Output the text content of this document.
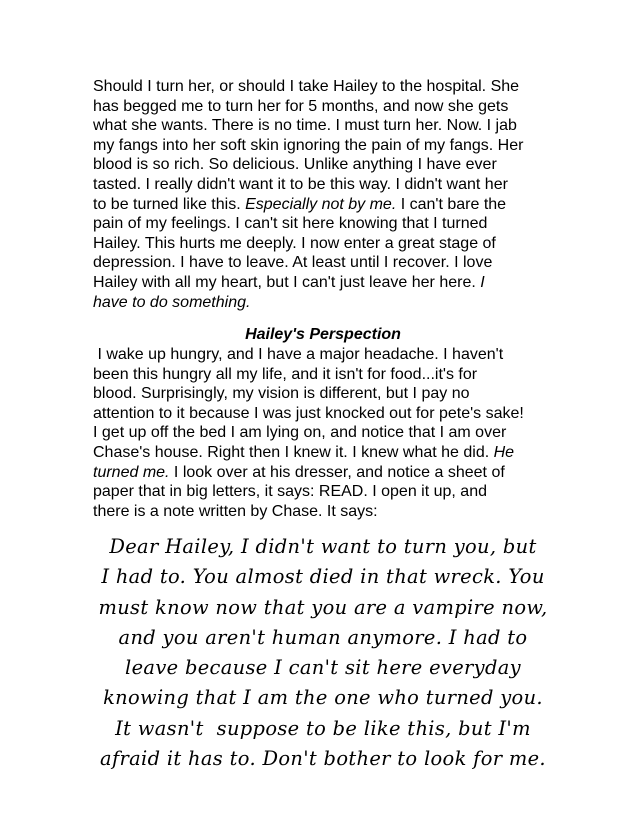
Should I turn her, or should I take Hailey to the hospital. She
has begged me to turn her for 5 months, and now she gets
what she wants. There is no time. I must turn her. Now. I jab
my fangs into her soft skin ignoring the pain of my fangs. Her
blood is so rich. So delicious. Unlike anything I have ever
tasted. I really didn't want it to be this way. I didn't want her
to be turned like this. Especially not by me. I can't bare the
pain of my feelings. I can't sit here knowing that I turned
Hailey. This hurts me deeply. I now enter a great stage of
depression. I have to leave. At least until I recover. I love
Hailey with all my heart, but I can't just leave her here. I
have to do something.
Hailey's Perspection
I wake up hungry, and I have a major headache. I haven't
been this hungry all my life, and it isn't for food...it's for
blood. Surprisingly, my vision is different, but I pay no
attention to it because I was just knocked out for pete's sake!
I get up off the bed I am lying on, and notice that I am over
Chase's house. Right then I knew it. I knew what he did. He
turned me. I look over at his dresser, and notice a sheet of
paper that in big letters, it says: READ. I open it up, and
there is a note written by Chase. It says:
Dear Hailey, I didn't want to turn you, but
I had to. You almost died in that wreck. You
must know now that you are a vampire now,
and you aren't human anymore. I had to
leave because I can't sit here everyday
knowing that I am the one who turned you.
It wasn't  suppose to be like this, but I'm
afraid it has to. Don't bother to look for me.
